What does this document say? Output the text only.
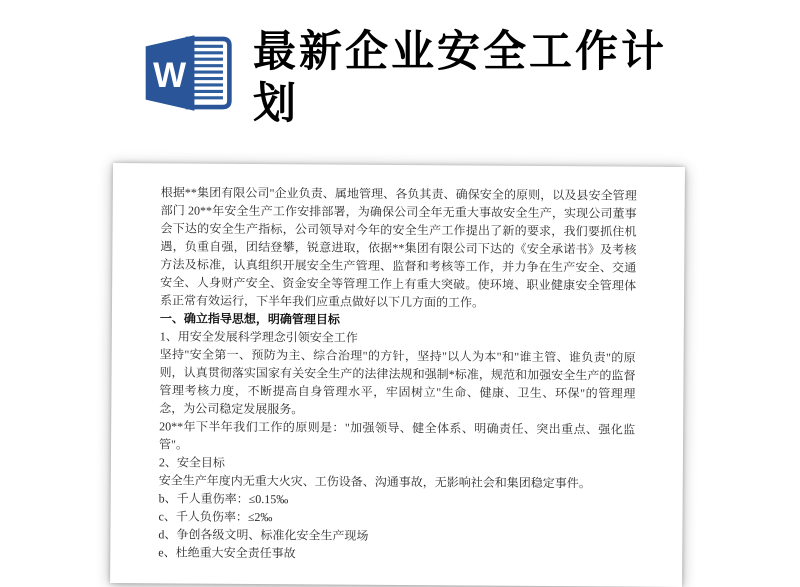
W 最新企业安全工作计划

根据**集团有限公司"企业负责、属地管理、各负其责、确保安全的原则，以及县安全管理部门 20**年安全生产工作安排部署，为确保公司全年无重大事故安全生产，实现公司董事会下达的安全生产指标，公司领导对今年的安全生产工作提出了新的要求，我们要抓住机遇，负重自强，团结登攀，锐意进取，依据**集团有限公司下达的《安全承诺书》及考核方法及标准，认真组织开展安全生产管理、监督和考核等工作，并力争在生产安全、交通安全、人身财产安全、资金安全等管理工作上有重大突破。使环境、职业健康安全管理体系正常有效运行，下半年我们应重点做好以下几方面的工作。

一、确立指导思想，明确管理目标

1、用安全发展科学理念引领安全工作

坚持"安全第一、预防为主、综合治理"的方针，坚持"以人为本"和"谁主管、谁负责"的原则，认真贯彻落实国家有关安全生产的法律法规和强制*标准，规范和加强安全生产的监督管理考核力度，不断提高自身管理水平，牢固树立"生命、健康、卫生、环保"的管理理念，为公司稳定发展服务。

20**年下半年我们工作的原则是："加强领导、健全体系、明确责任、突出重点、强化监管"。

2、安全目标

安全生产年度内无重大火灾、工伤设备、沟通事故，无影响社会和集团稳定事件。

b、千人重伤率：≤0.15‰

c、千人负伤率：≤2‰

d、争创各级文明、标准化安全生产现场

e、杜绝重大安全责任事故
